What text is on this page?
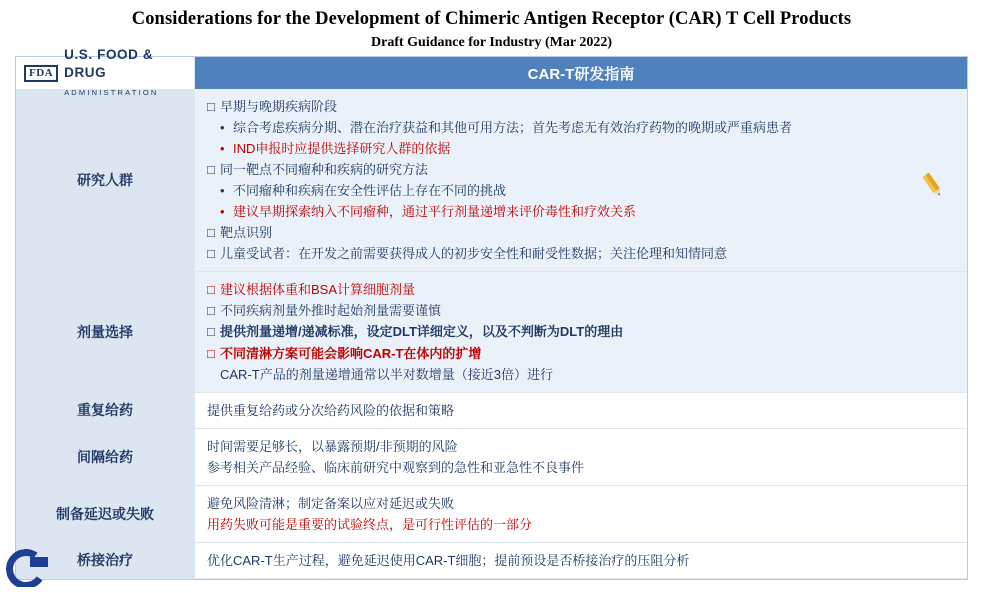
Considerations for the Development of Chimeric Antigen Receptor (CAR) T Cell Products
Draft Guidance for Industry (Mar 2022)
FDA
U.S. FOOD & DRUG
ADMINISTRATION	CAR-T研发指南
研究人群	
□早期与晚期疾病阶段
•综合考虑疾病分期、潜在治疗获益和其他可用方法；首先考虑无有效治疗药物的晚期或严重病患者
•IND申报时应提供选择研究人群的依据
□同一靶点不同瘤种和疾病的研究方法
•不同瘤种和疾病在安全性评估上存在不同的挑战
•建议早期探索纳入不同瘤种，通过平行剂量递增来评价毒性和疗效关系
□靶点识别
□儿童受试者：在开发之前需要获得成人的初步安全性和耐受性数据；关注伦理和知情同意

剂量选择	
□建议根据体重和BSA计算细胞剂量
□不同疾病剂量外推时起始剂量需要谨慎
□提供剂量递增/递减标准，设定DLT详细定义，以及不判断为DLT的理由
□不同清淋方案可能会影响CAR-T在体内的扩增
CAR-T产品的剂量递增通常以半对数增量（接近3倍）进行

重复给药	提供重复给药或分次给药风险的依据和策略

间隔给药	时间需要足够长，以暴露预期/非预期的风险
参考相关产品经验、临床前研究中观察到的急性和亚急性不良事件

制备延迟或失败	避免风险清淋；制定备案以应对延迟或失败
用药失败可能是重要的试验终点，是可行性评估的一部分

桥接治疗	优化CAR-T生产过程，避免延迟使用CAR-T细胞；提前预设是否桥接治疗的压阻分析
